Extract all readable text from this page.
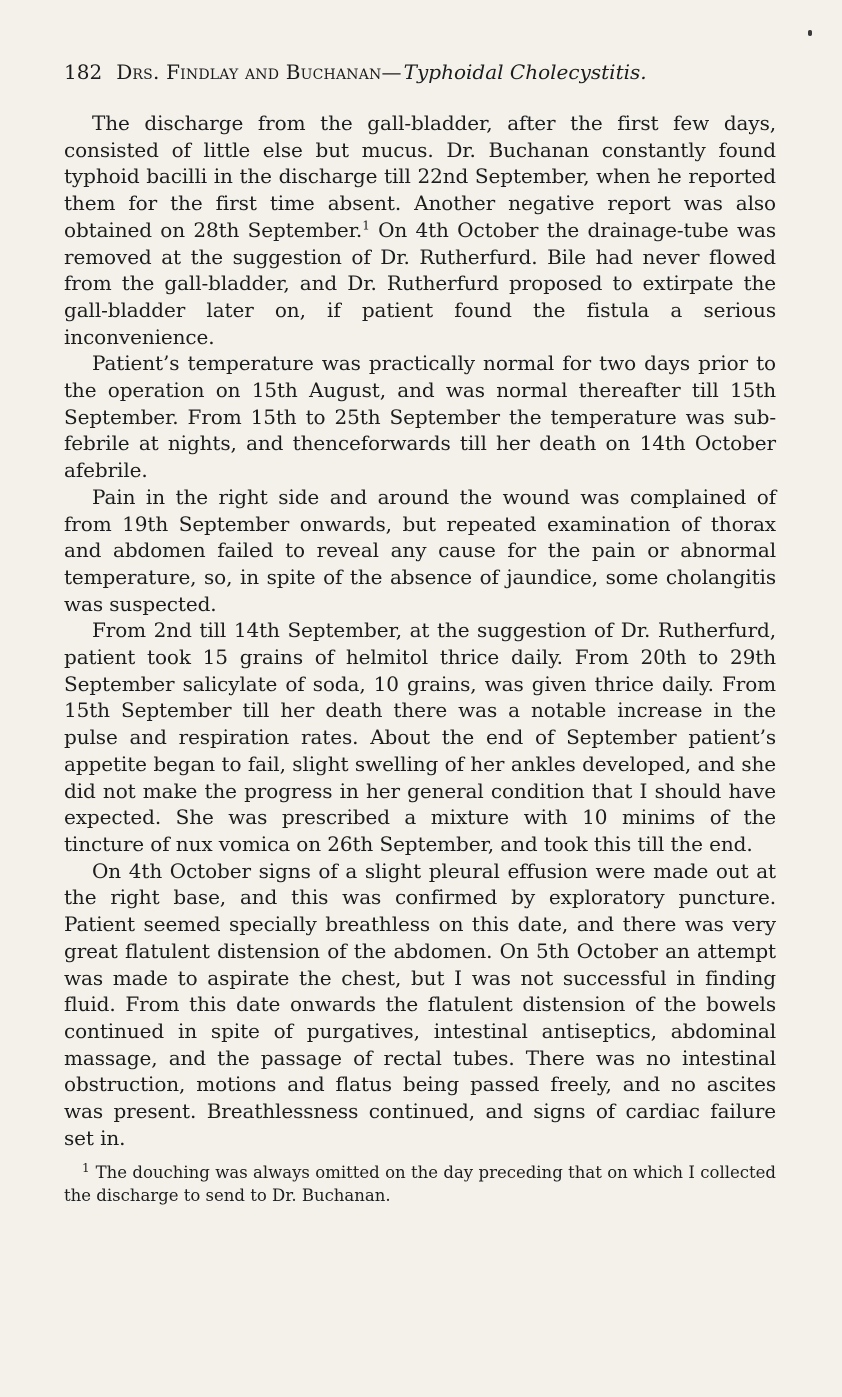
182 Drs. Findlay and Buchanan— Typhoidal Cholecystitis.

The discharge from the gall-bladder, after the first few days, consisted of little else but mucus. Dr. Buchanan constantly found typhoid bacilli in the discharge till 22nd September, when he reported them for the first time absent. Another negative report was also obtained on 28th September.$^1$ On 4th October the drainage-tube was removed at the suggestion of Dr. Rutherfurd. Bile had never flowed from the gall-bladder, and Dr. Rutherfurd proposed to extirpate the gall-bladder later on, if patient found the fistula a serious inconvenience.

Patient’s temperature was practically normal for two days prior to the operation on 15th August, and was normal thereafter till 15th September. From 15th to 25th September the temperature was sub-febrile at nights, and thenceforwards till her death on 14th October afebrile.

Pain in the right side and around the wound was complained of from 19th September onwards, but repeated examination of thorax and abdomen failed to reveal any cause for the pain or abnormal temperature, so, in spite of the absence of jaundice, some cholangitis was suspected.

From 2nd till 14th September, at the suggestion of Dr. Rutherfurd, patient took 15 grains of helmitol thrice daily. From 20th to 29th September salicylate of soda, 10 grains, was given thrice daily. From 15th September till her death there was a notable increase in the pulse and respiration rates. About the end of September patient’s appetite began to fail, slight swelling of her ankles developed, and she did not make the progress in her general condition that I should have expected. She was prescribed a mixture with 10 minims of the tincture of nux vomica on 26th September, and took this till the end.

On 4th October signs of a slight pleural effusion were made out at the right base, and this was confirmed by exploratory puncture. Patient seemed specially breathless on this date, and there was very great flatulent distension of the abdomen. On 5th October an attempt was made to aspirate the chest, but I was not successful in finding fluid. From this date onwards the flatulent distension of the bowels continued in spite of purgatives, intestinal antiseptics, abdominal massage, and the passage of rectal tubes. There was no intestinal obstruction, motions and flatus being passed freely, and no ascites was present. Breathlessness continued, and signs of cardiac failure set in.

$^1$ The douching was always omitted on the day preceding that on which I collected the discharge to send to Dr. Buchanan.
